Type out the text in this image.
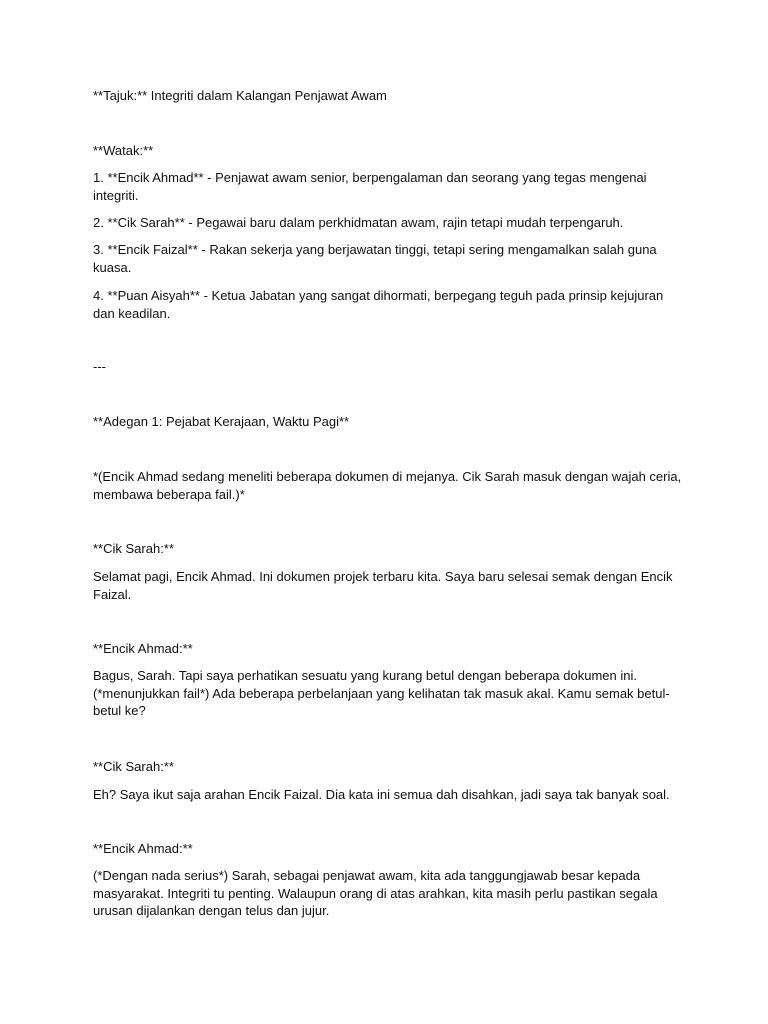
**Tajuk:** Integriti dalam Kalangan Penjawat Awam

**Watak:**

1. **Encik Ahmad** - Penjawat awam senior, berpengalaman dan seorang yang tegas mengenai integriti.

2. **Cik Sarah** - Pegawai baru dalam perkhidmatan awam, rajin tetapi mudah terpengaruh.

3. **Encik Faizal** - Rakan sekerja yang berjawatan tinggi, tetapi sering mengamalkan salah guna kuasa.

4. **Puan Aisyah** - Ketua Jabatan yang sangat dihormati, berpegang teguh pada prinsip kejujuran dan keadilan.

---

**Adegan 1: Pejabat Kerajaan, Waktu Pagi**

*(Encik Ahmad sedang meneliti beberapa dokumen di mejanya. Cik Sarah masuk dengan wajah ceria, membawa beberapa fail.)*

**Cik Sarah:**

Selamat pagi, Encik Ahmad. Ini dokumen projek terbaru kita. Saya baru selesai semak dengan Encik Faizal.

**Encik Ahmad:**

Bagus, Sarah. Tapi saya perhatikan sesuatu yang kurang betul dengan beberapa dokumen ini. (*menunjukkan fail*) Ada beberapa perbelanjaan yang kelihatan tak masuk akal. Kamu semak betul-betul ke?

**Cik Sarah:**

Eh? Saya ikut saja arahan Encik Faizal. Dia kata ini semua dah disahkan, jadi saya tak banyak soal.

**Encik Ahmad:**

(*Dengan nada serius*) Sarah, sebagai penjawat awam, kita ada tanggungjawab besar kepada masyarakat. Integriti tu penting. Walaupun orang di atas arahkan, kita masih perlu pastikan segala urusan dijalankan dengan telus dan jujur.
